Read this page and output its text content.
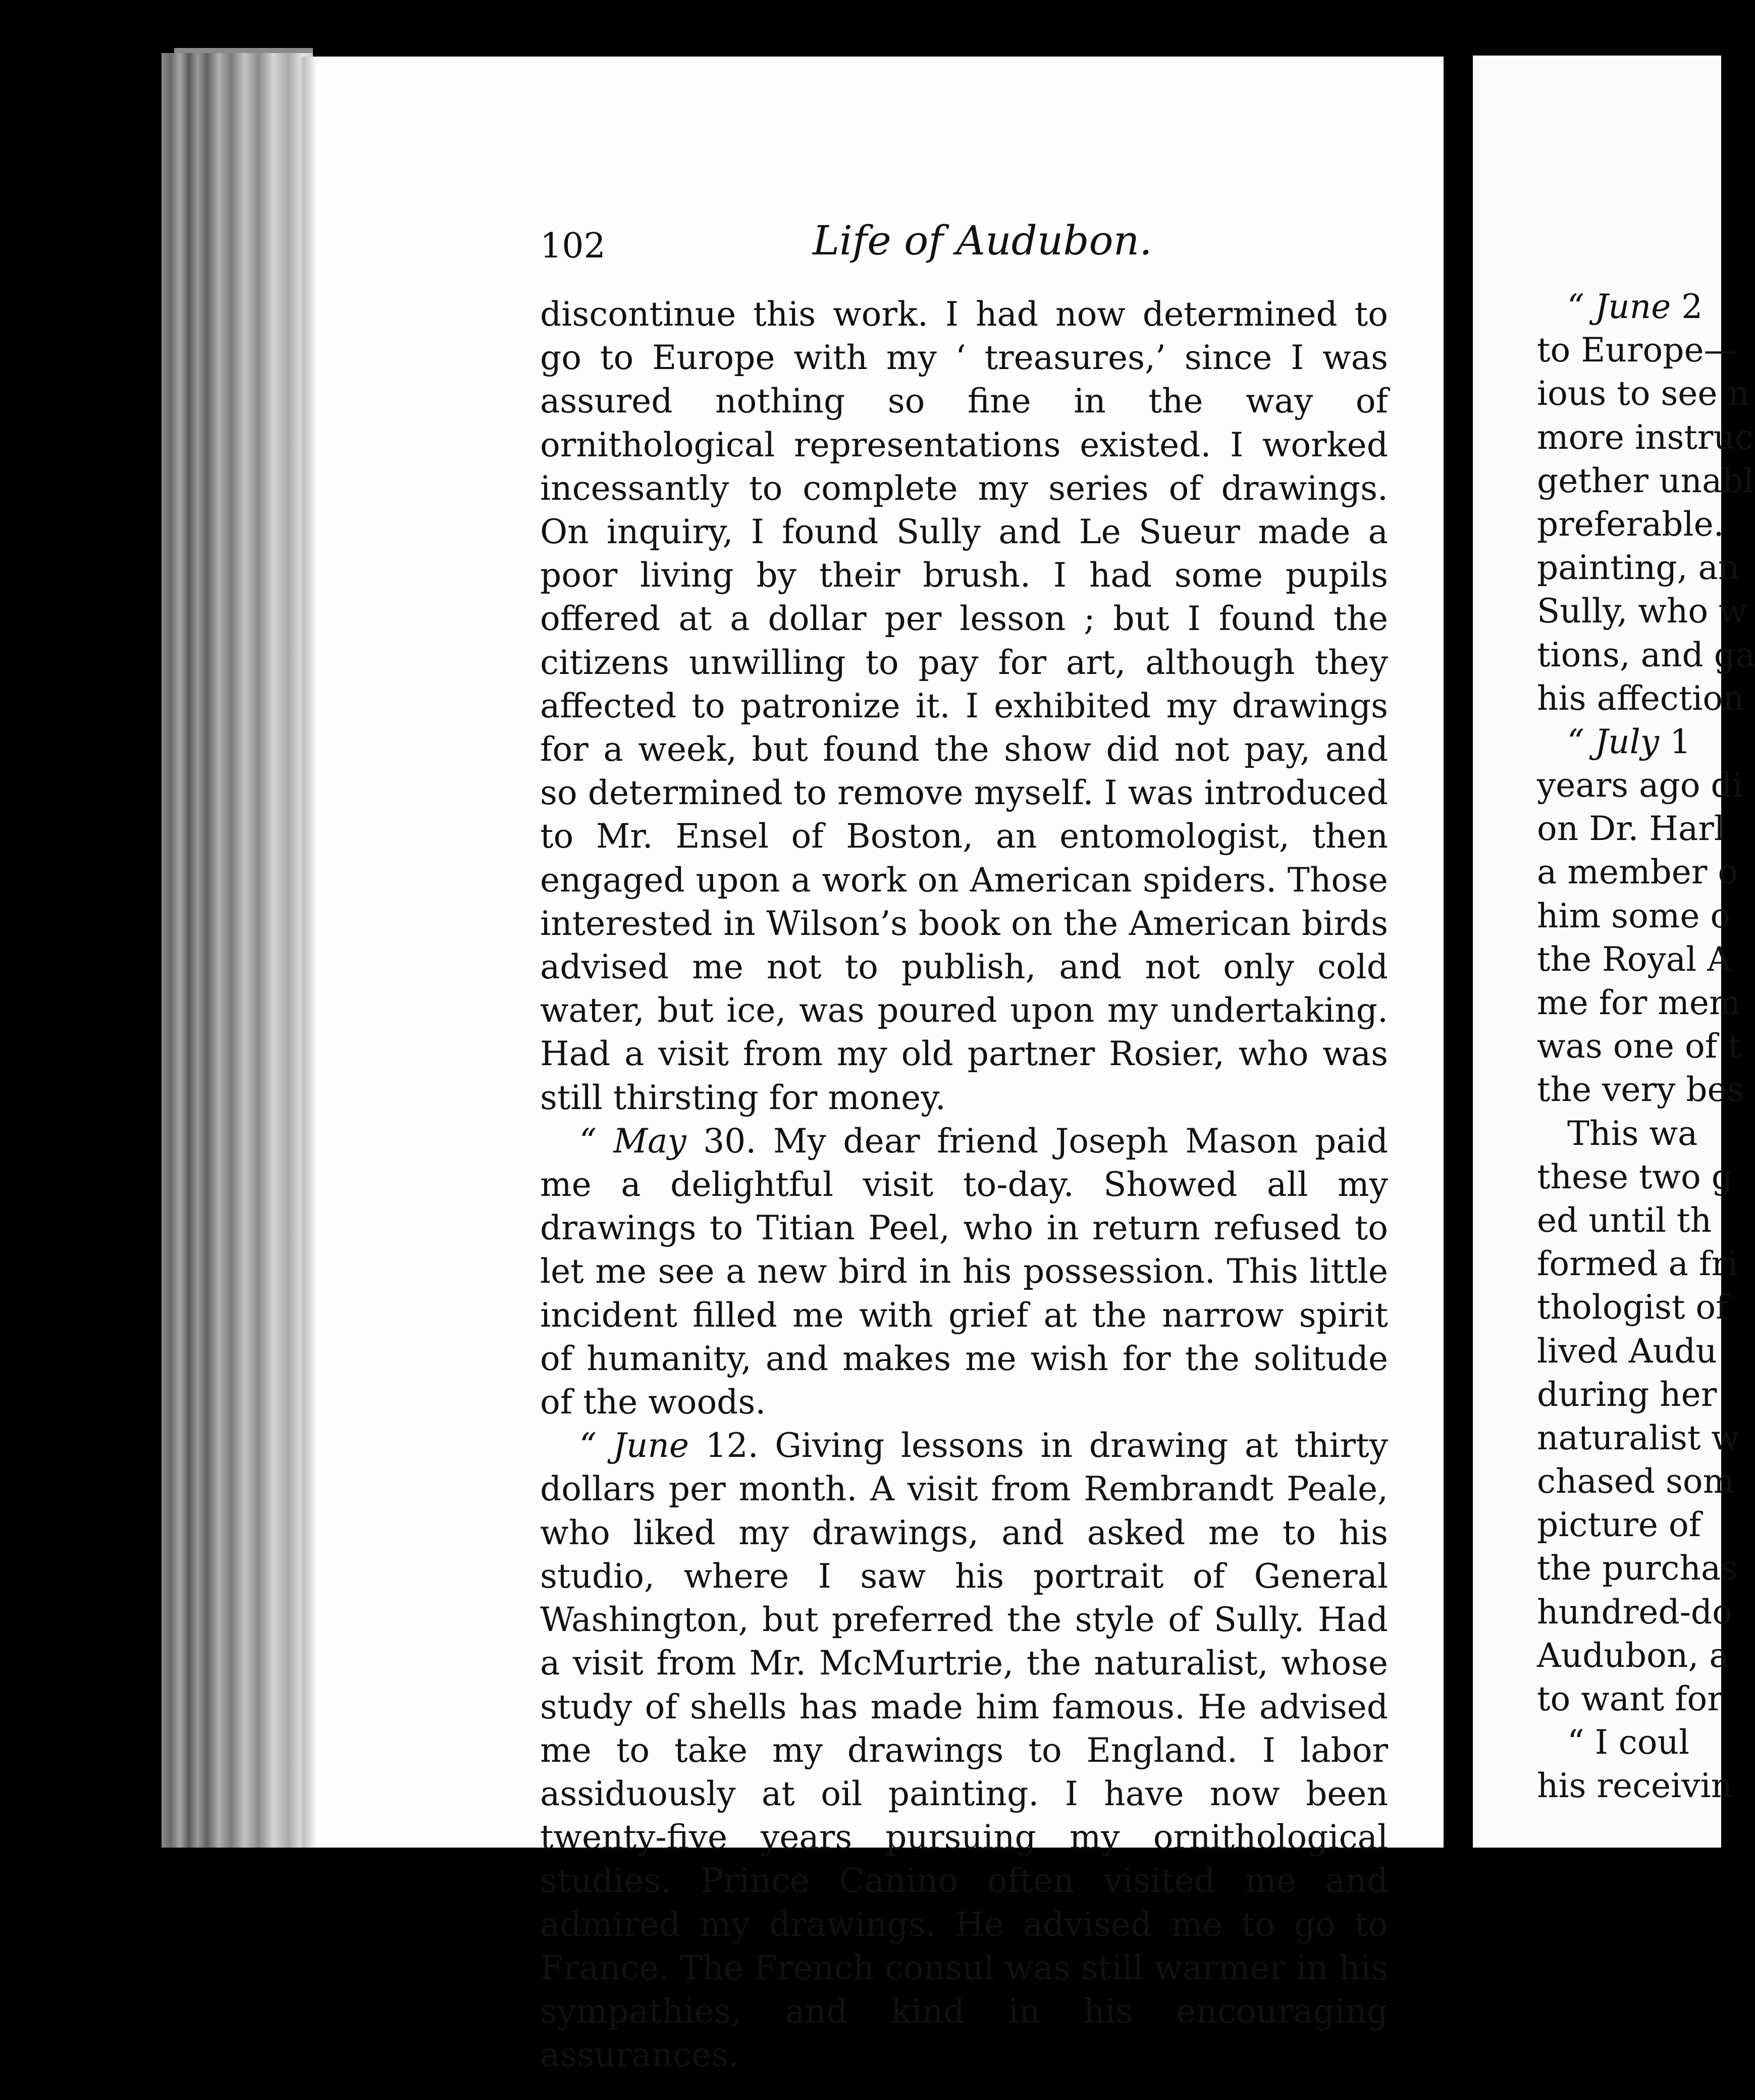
102	Life of Audubon.

discontinue this work. I had now determined to go to Europe with my ‘ treasures,’ since I was assured nothing so fine in the way of ornithological representations existed. I worked incessantly to complete my series of drawings. On inquiry, I found Sully and Le Sueur made a poor living by their brush. I had some pupils offered at a dollar per lesson ; but I found the citizens unwilling to pay for art, although they affected to patronize it. I exhibited my drawings for a week, but found the show did not pay, and so determined to remove myself. I was introduced to Mr. Ensel of Boston, an entomologist, then engaged upon a work on American spiders. Those interested in Wilson’s book on the American birds advised me not to publish, and not only cold water, but ice, was poured upon my undertaking. Had a visit from my old partner Rosier, who was still thirsting for money.

“ May 30. My dear friend Joseph Mason paid me a delightful visit to-day. Showed all my drawings to Titian Peel, who in return refused to let me see a new bird in his possession. This little incident filled me with grief at the narrow spirit of humanity, and makes me wish for the solitude of the woods.

“ June 12. Giving lessons in drawing at thirty dollars per month. A visit from Rembrandt Peale, who liked my drawings, and asked me to his studio, where I saw his portrait of General Washington, but preferred the style of Sully. Had a visit from Mr. McMurtrie, the naturalist, whose study of shells has made him famous. He advised me to take my drawings to England. I labor assiduously at oil painting. I have now been twenty-five years pursuing my ornithological studies. Prince Canino often visited me and admired my drawings. He advised me to go to France. The French consul was still warmer in his sympathies, and kind in his encouraging assurances.

“ June 2
to Europe—
ious to see n
more instruc
gether unabl
preferable.
painting, an
Sully, who w
tions, and ga
his affection
“ July 1
years ago di
on Dr. Harl
a member o
him some o
the Royal A
me for mem
was one of t
the very bes
This wa
these two g
ed until th
formed a fri
thologist of
lived Audu
during her
naturalist w
chased som
picture of
the purchas
hundred-do
Audubon, a
to want for
“ I coul
his receivin
